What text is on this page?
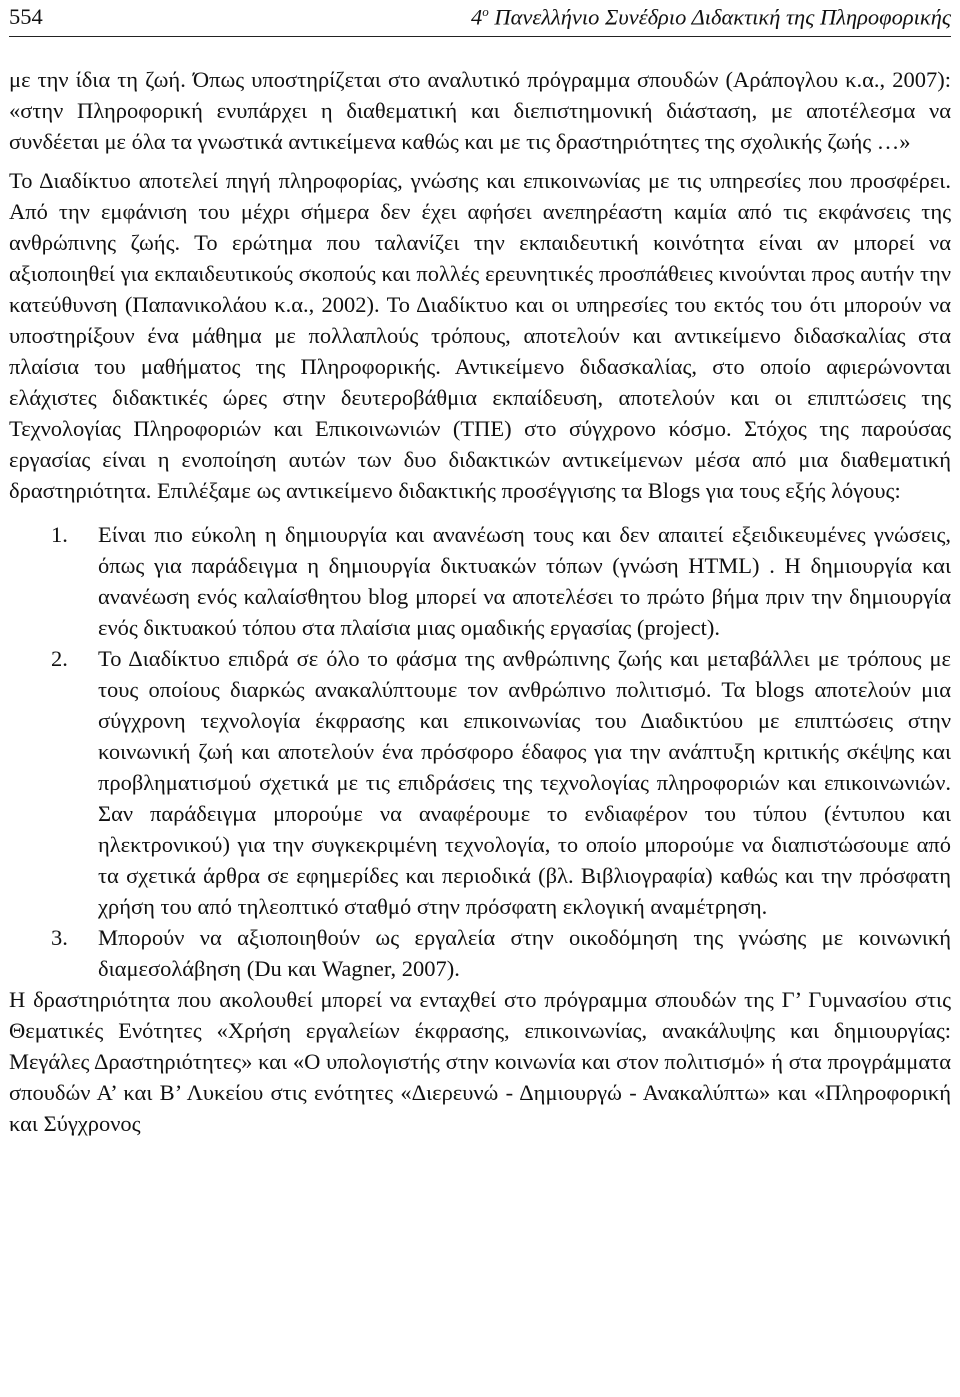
554	$4^o$ Πανελλήνιο Συνέδριο Διδακτική της Πληροφορικής

με την ίδια τη ζωή. Όπως υποστηρίζεται στο αναλυτικό πρόγραμμα σπουδών (Αράπογλου κ.α., 2007): «στην Πληροφορική ενυπάρχει η διαθεματική και διεπιστημονική διάσταση, με αποτέλεσμα να συνδέεται με όλα τα γνωστικά αντικείμενα καθώς και με τις δραστηριότητες της σχολικής ζωής …»

Το Διαδίκτυο αποτελεί πηγή πληροφορίας, γνώσης και επικοινωνίας με τις υπηρεσίες που προσφέρει. Από την εμφάνιση του μέχρι σήμερα δεν έχει αφήσει ανεπηρέαστη καμία από τις εκφάνσεις της ανθρώπινης ζωής. Το ερώτημα που ταλανίζει την εκπαιδευτική κοινότητα είναι αν μπορεί να αξιοποιηθεί για εκπαιδευτικούς σκοπούς και πολλές ερευνητικές προσπάθειες κινούνται προς αυτήν την κατεύθυνση (Παπανικολάου κ.α., 2002). Το Διαδίκτυο και οι υπηρεσίες του εκτός του ότι μπορούν να υποστηρίξουν ένα μάθημα με πολλαπλούς τρόπους, αποτελούν και αντικείμενο διδασκαλίας στα πλαίσια του μαθήματος της Πληροφορικής. Αντικείμενο διδασκαλίας, στο οποίο αφιερώνονται ελάχιστες διδακτικές ώρες στην δευτεροβάθμια εκπαίδευση, αποτελούν και οι επιπτώσεις της Τεχνολογίας Πληροφοριών και Επικοινωνιών (ΤΠΕ) στο σύγχρονο κόσμο. Στόχος της παρούσας εργασίας είναι η ενοποίηση αυτών των δυο διδακτικών αντικείμενων μέσα από μια διαθεματική δραστηριότητα. Επιλέξαμε ως αντικείμενο διδακτικής προσέγγισης τα Blogs για τους εξής λόγους:

1. Είναι πιο εύκολη η δημιουργία και ανανέωση τους και δεν απαιτεί εξειδικευμένες γνώσεις, όπως για παράδειγμα η δημιουργία δικτυακών τόπων (γνώση HTML) . Η δημιουργία και ανανέωση ενός καλαίσθητου blog μπορεί να αποτελέσει το πρώτο βήμα πριν την δημιουργία ενός δικτυακού τόπου στα πλαίσια μιας ομαδικής εργασίας (project).
2. Το Διαδίκτυο επιδρά σε όλο το φάσμα της ανθρώπινης ζωής και μεταβάλλει με τρόπους με τους οποίους διαρκώς ανακαλύπτουμε τον ανθρώπινο πολιτισμό. Τα blogs αποτελούν μια σύγχρονη τεχνολογία έκφρασης και επικοινωνίας του Διαδικτύου με επιπτώσεις στην κοινωνική ζωή και αποτελούν ένα πρόσφορο έδαφος για την ανάπτυξη κριτικής σκέψης και προβληματισμού σχετικά με τις επιδράσεις της τεχνολογίας πληροφοριών και επικοινωνιών. Σαν παράδειγμα μπορούμε να αναφέρουμε το ενδιαφέρον του τύπου (έντυπου και ηλεκτρονικού) για την συγκεκριμένη τεχνολογία, το οποίο μπορούμε να διαπιστώσουμε από τα σχετικά άρθρα σε εφημερίδες και περιοδικά (βλ. Βιβλιογραφία) καθώς και την πρόσφατη χρήση του από τηλεοπτικό σταθμό στην πρόσφατη εκλογική αναμέτρηση.
3. Μπορούν να αξιοποιηθούν ως εργαλεία στην οικοδόμηση της γνώσης με κοινωνική διαμεσολάβηση (Du και Wagner, 2007).

Η δραστηριότητα που ακολουθεί μπορεί να ενταχθεί στο πρόγραμμα σπουδών της Γ’ Γυμνασίου στις Θεματικές Ενότητες «Χρήση εργαλείων έκφρασης, επικοινωνίας, ανακάλυψης και δημιουργίας: Μεγάλες Δραστηριότητες» και «Ο υπολογιστής στην κοινωνία και στον πολιτισμό» ή στα προγράμματα σπουδών Α’ και Β’ Λυκείου στις ενότητες «Διερευνώ - Δημιουργώ - Ανακαλύπτω» και «Πληροφορική και Σύγχρονος
